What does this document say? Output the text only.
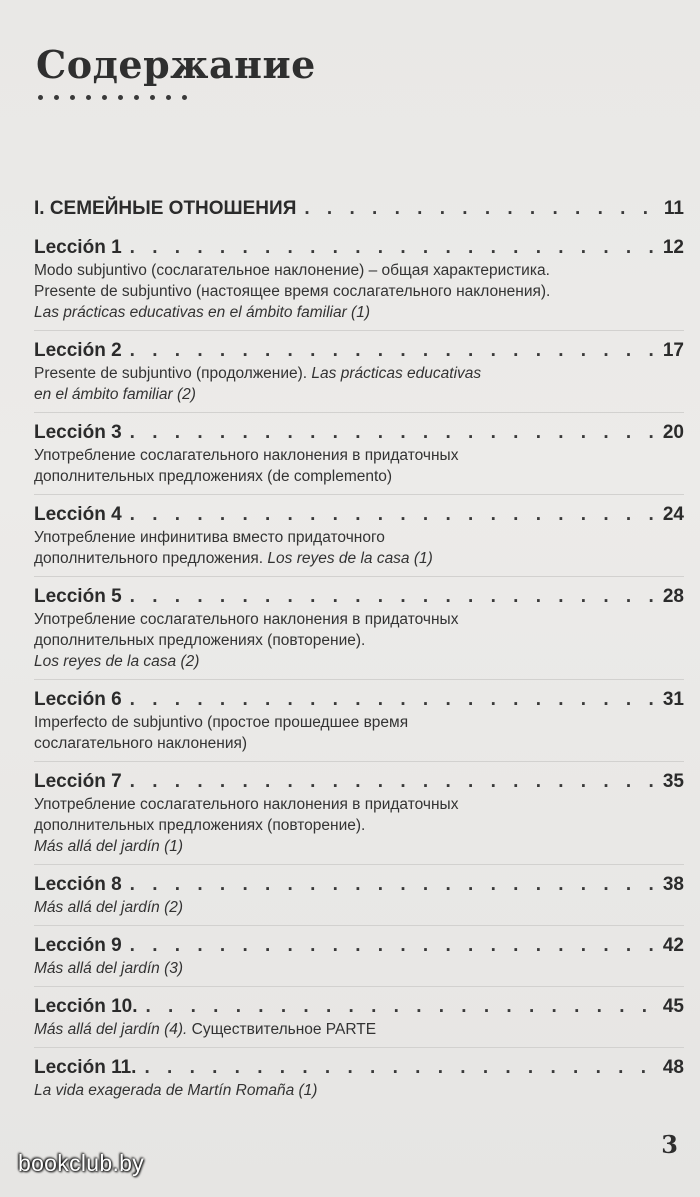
Содержание
I. СЕМЕЙНЫЕ ОТНОШЕНИЯ . . .	11
Lección 1 . . .	12
Modo subjuntivo (сослагательное наклонение) – общая характеристика.
Presente de subjuntivo (настоящее время сослагательного наклонения).
Las prácticas educativas en el ámbito familiar (1)
Lección 2 . . .	17
Presente de subjuntivo (продолжение). Las prácticas educativas
en el ámbito familiar (2)
Lección 3 . . .	20
Употребление сослагательного наклонения в придаточных
дополнительных предложениях (de complemento)
Lección 4 . . .	24
Употребление инфинитива вместо придаточного
дополнительного предложения. Los reyes de la casa (1)
Lección 5 . . .	28
Употребление сослагательного наклонения в придаточных
дополнительных предложениях (повторение).
Los reyes de la casa (2)
Lección 6 . . .	31
Imperfecto de subjuntivo (простое прошедшее время
сослагательного наклонения)
Lección 7 . . .	35
Употребление сослагательного наклонения в придаточных
дополнительных предложениях (повторение).
Más allá del jardín (1)
Lección 8 . . .	38
Más allá del jardín (2)
Lección 9 . . .	42
Más allá del jardín (3)
Lección 10. . . .	45
Más allá del jardín (4). Существительное PARTE
Lección 11. . . .	48
La vida exagerada de Martín Romaña (1)
3
bookclub.by
